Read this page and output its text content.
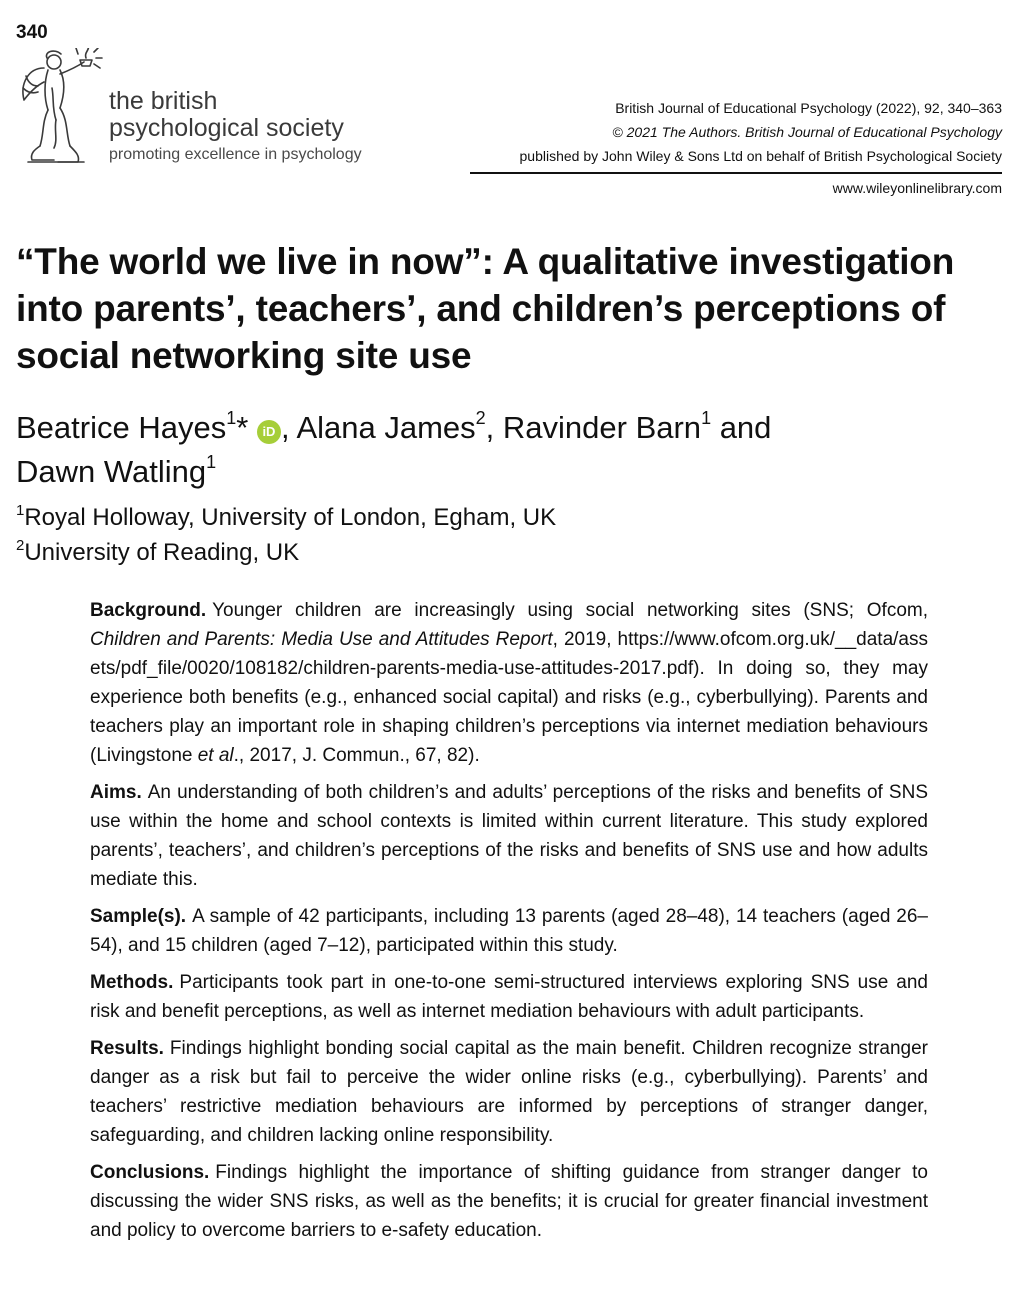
340
the british
psychological society
promoting excellence in psychology
British Journal of Educational Psychology (2022), 92, 340–363
© 2021 The Authors. British Journal of Educational Psychology
published by John Wiley & Sons Ltd on behalf of British Psychological Society
www.wileyonlinelibrary.com
“The world we live in now”: A qualitative investigation into parents’, teachers’, and children’s perceptions of social networking site use
Beatrice Hayes$^1$* iD , Alana James$^2$, Ravinder Barn$^1$ and
Dawn Watling$^1$
$^1$Royal Holloway, University of London, Egham, UK
$^2$University of Reading, UK

Background. Younger children are increasingly using social networking sites (SNS; Ofcom, Children and Parents: Media Use and Attitudes Report, 2019, https://www.ofcom.org.uk/__data/assets/pdf_file/0020/108182/children-parents-media-use-attitudes-2017.pdf). In doing so, they may experience both benefits (e.g., enhanced social capital) and risks (e.g., cyberbullying). Parents and teachers play an important role in shaping children’s perceptions via internet mediation behaviours (Livingstone et al., 2017, J. Commun., 67, 82).

Aims. An understanding of both children’s and adults’ perceptions of the risks and benefits of SNS use within the home and school contexts is limited within current literature. This study explored parents’, teachers’, and children’s perceptions of the risks and benefits of SNS use and how adults mediate this.

Sample(s). A sample of 42 participants, including 13 parents (aged 28–48), 14 teachers (aged 26–54), and 15 children (aged 7–12), participated within this study.

Methods. Participants took part in one-to-one semi-structured interviews exploring SNS use and risk and benefit perceptions, as well as internet mediation behaviours with adult participants.

Results. Findings highlight bonding social capital as the main benefit. Children recognize stranger danger as a risk but fail to perceive the wider online risks (e.g., cyberbullying). Parents’ and teachers’ restrictive mediation behaviours are informed by perceptions of stranger danger, safeguarding, and children lacking online responsibility.

Conclusions. Findings highlight the importance of shifting guidance from stranger danger to discussing the wider SNS risks, as well as the benefits; it is crucial for greater financial investment and policy to overcome barriers to e-safety education.
